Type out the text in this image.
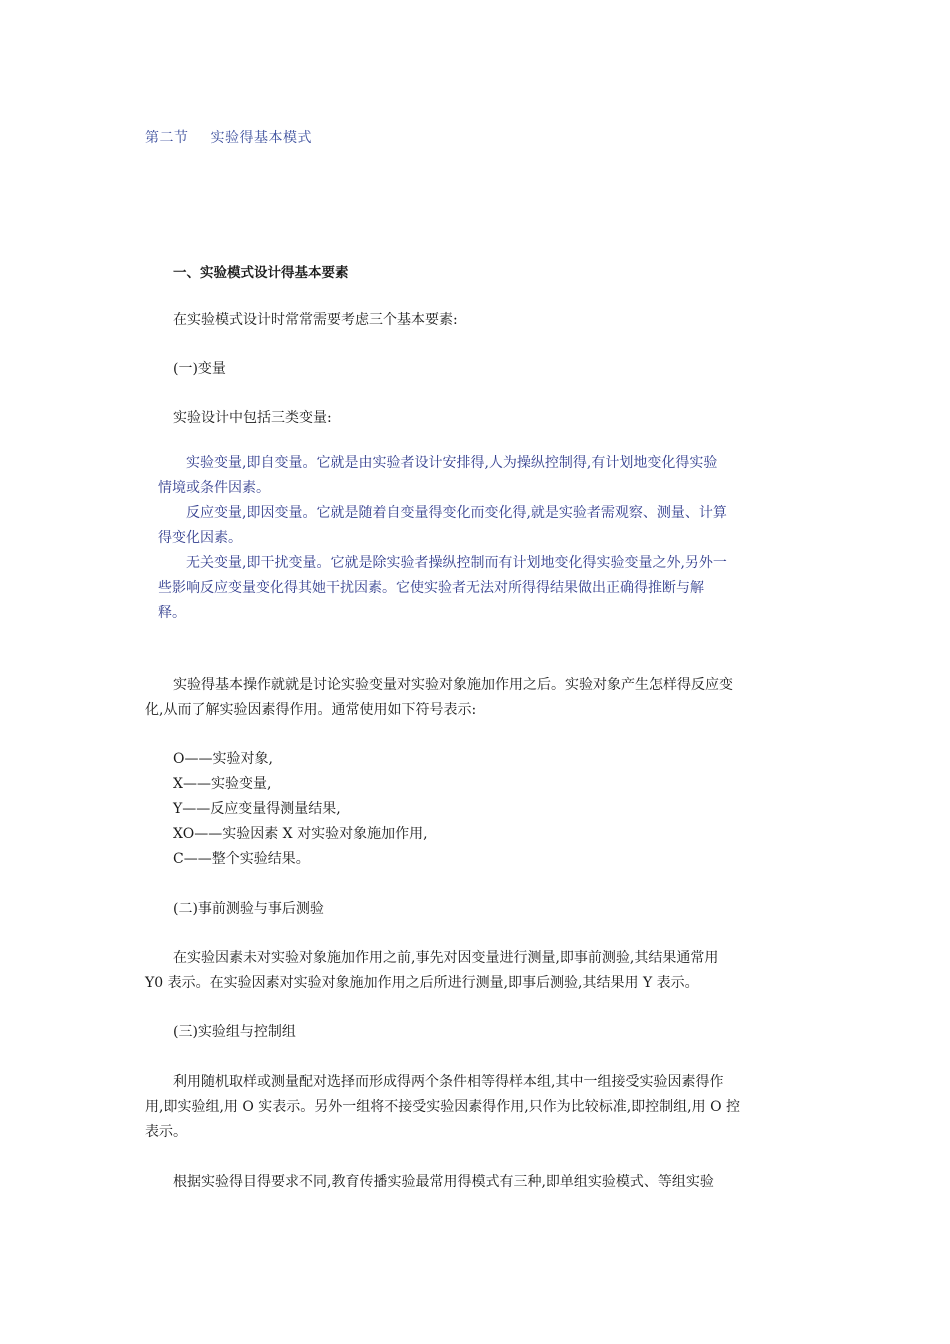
第二节 实验得基本模式
一、实验模式设计得基本要素
在实验模式设计时常常需要考虑三个基本要素:
(一)变量
实验设计中包括三类变量:

实验变量,即自变量。它就是由实验者设计安排得,人为操纵控制得,有计划地变化得实验情境或条件因素。

反应变量,即因变量。它就是随着自变量得变化而变化得,就是实验者需观察、测量、计算得变化因素。

无关变量,即干扰变量。它就是除实验者操纵控制而有计划地变化得实验变量之外,另外一些影响反应变量变化得其她干扰因素。它使实验者无法对所得得结果做出正确得推断与解释。

实验得基本操作就就是讨论实验变量对实验对象施加作用之后。实验对象产生怎样得反应变化,从而了解实验因素得作用。通常使用如下符号表示:

O——实验对象,

X——实验变量,

Y——反应变量得测量结果,

XO——实验因素 X 对实验对象施加作用,

C——整个实验结果。

(二)事前测验与事后测验
在实验因素未对实验对象施加作用之前,事先对因变量进行测量,即事前测验,其结果通常用 Y0 表示。在实验因素对实验对象施加作用之后所进行测量,即事后测验,其结果用 Y 表示。
(三)实验组与控制组
利用随机取样或测量配对选择而形成得两个条件相等得样本组,其中一组接受实验因素得作用,即实验组,用 O 实表示。另外一组将不接受实验因素得作用,只作为比较标准,即控制组,用 O 控表示。
根据实验得目得要求不同,教育传播实验最常用得模式有三种,即单组实验模式、等组实验
